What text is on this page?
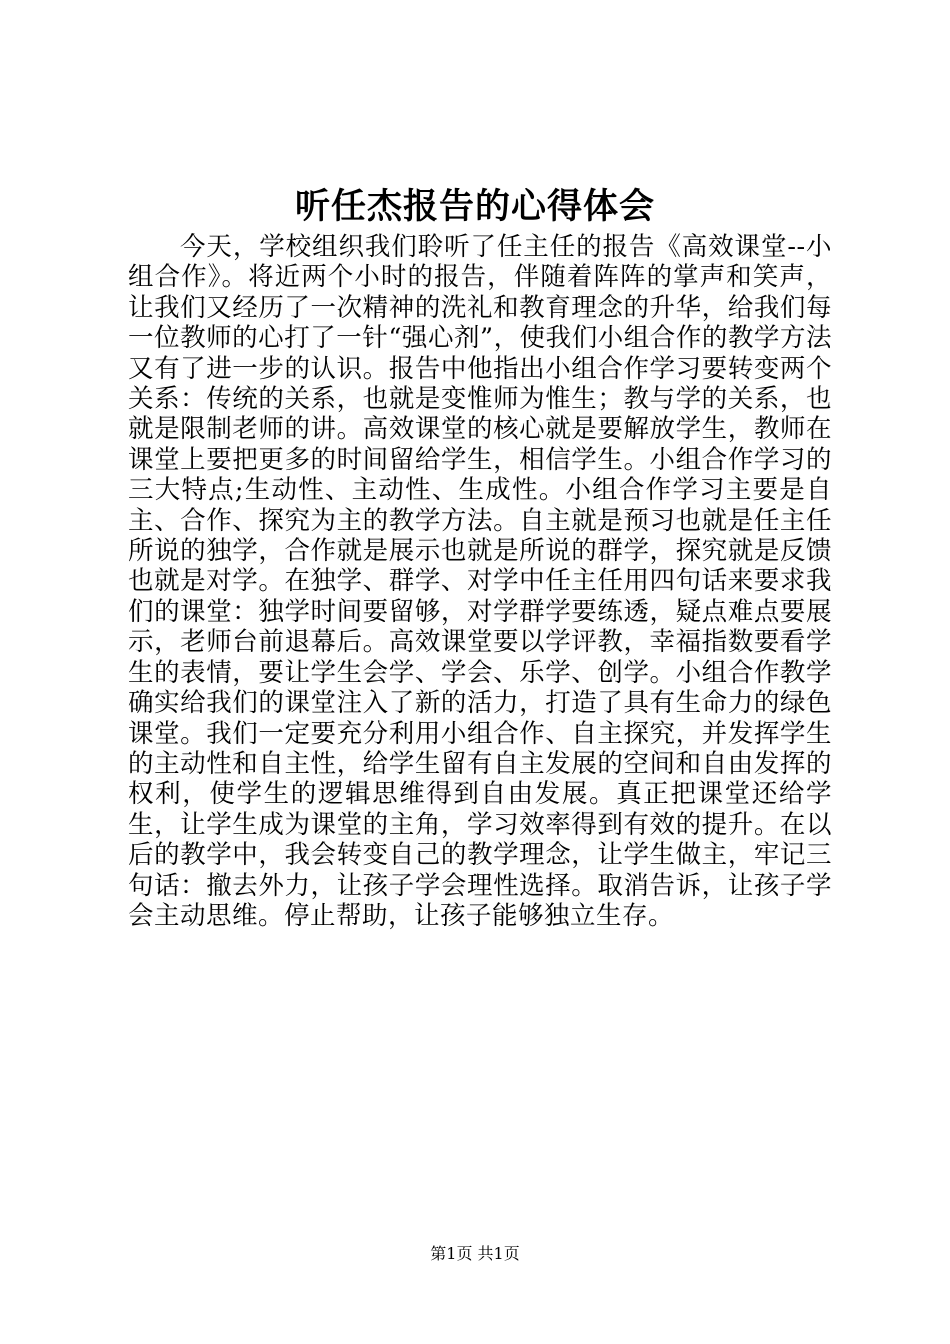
听任杰报告的心得体会
今天，学校组织我们聆听了任主任的报告《高效课堂--小组合作》。将近两个小时的报告，伴随着阵阵的掌声和笑声，让我们又经历了一次精神的洗礼和教育理念的升华，给我们每一位教师的心打了一针“强心剂”，使我们小组合作的教学方法又有了进一步的认识。报告中他指出小组合作学习要转变两个关系：传统的关系，也就是变惟师为惟生；教与学的关系，也就是限制老师的讲。高效课堂的核心就是要解放学生，教师在课堂上要把更多的时间留给学生，相信学生。小组合作学习的三大特点;生动性、主动性、生成性。小组合作学习主要是自主、合作、探究为主的教学方法。自主就是预习也就是任主任所说的独学，合作就是展示也就是所说的群学，探究就是反馈也就是对学。在独学、群学、对学中任主任用四句话来要求我们的课堂：独学时间要留够，对学群学要练透，疑点难点要展示，老师台前退幕后。高效课堂要以学评教，幸福指数要看学生的表情，要让学生会学、学会、乐学、创学。小组合作教学确实给我们的课堂注入了新的活力，打造了具有生命力的绿色课堂。我们一定要充分利用小组合作、自主探究，并发挥学生的主动性和自主性，给学生留有自主发展的空间和自由发挥的权利，使学生的逻辑思维得到自由发展。真正把课堂还给学生，让学生成为课堂的主角，学习效率得到有效的提升。在以后的教学中，我会转变自己的教学理念，让学生做主，牢记三句话：撤去外力，让孩子学会理性选择。取消告诉，让孩子学会主动思维。停止帮助，让孩子能够独立生存。
第1页 共1页
